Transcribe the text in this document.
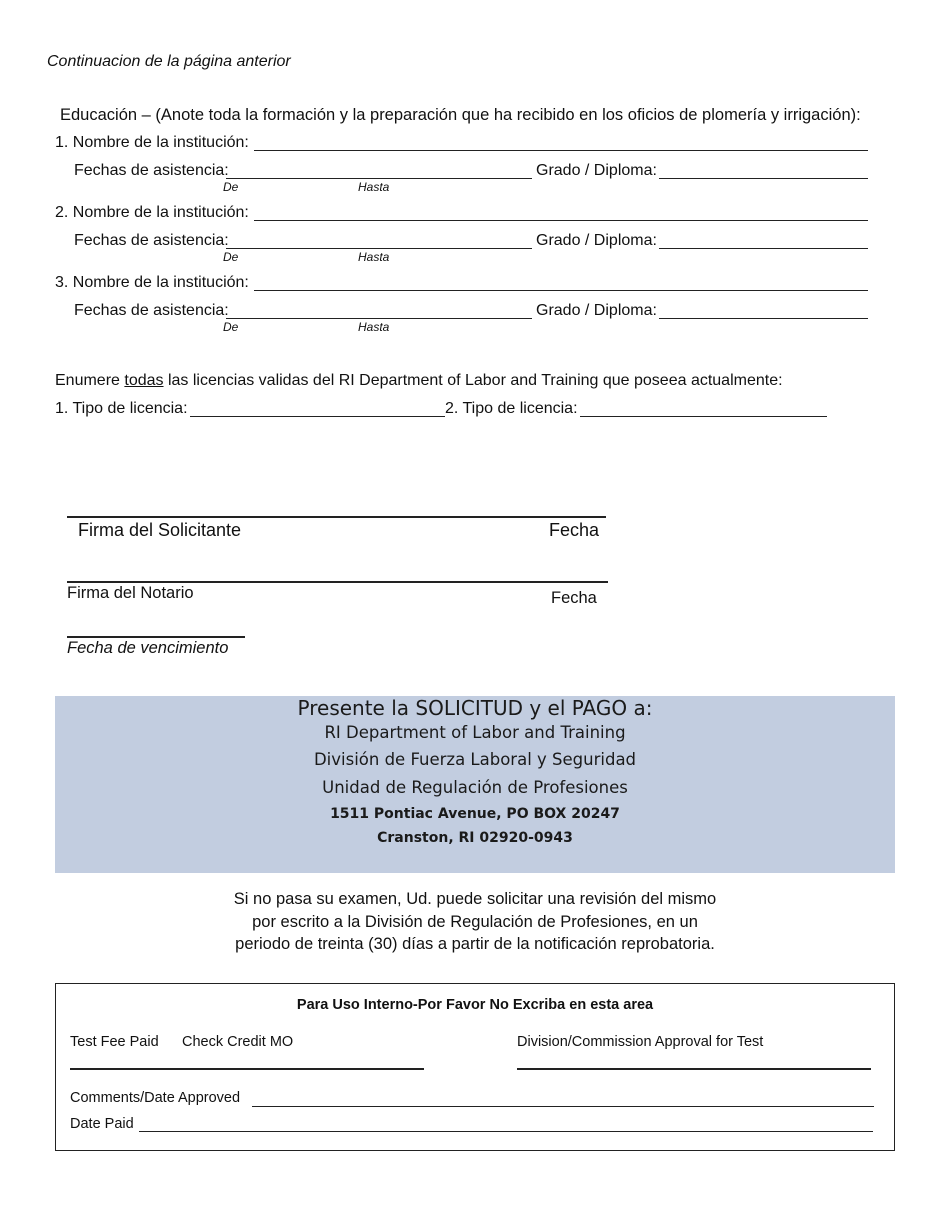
Continuacion de la página anterior
Educación – (Anote toda la formación y la preparación que ha recibido en los oficios de plomería y irrigación):
1. Nombre de la institución:
Fechas de asistencia:
De	Hasta
Grado / Diploma:
2. Nombre de la institución:
Fechas de asistencia:
De	Hasta
Grado / Diploma:
3. Nombre de la institución:
Fechas de asistencia:
De	Hasta
Grado / Diploma:
Enumere todas las licencias validas del RI Department of Labor and Training que poseea actualmente:
1. Tipo de licencia:	2. Tipo de licencia:
Firma del Solicitante	Fecha
Firma del Notario	Fecha
Fecha de vencimiento
Presente la SOLICITUD y el PAGO a:
RI Department of Labor and Training
División de Fuerza Laboral y Seguridad
Unidad de Regulación de Profesiones
1511 Pontiac Avenue, PO BOX 20247
Cranston, RI 02920-0943
Si no pasa su examen, Ud. puede solicitar una revisión del mismo
por escrito a la División de Regulación de Profesiones, en un
periodo de treinta (30) días a partir de la notificación reprobatoria.
Para Uso Interno-Por Favor No Excriba en esta area
Test Fee Paid Check Credit MO	Division/Commission Approval for Test
Comments/Date Approved
Date Paid
